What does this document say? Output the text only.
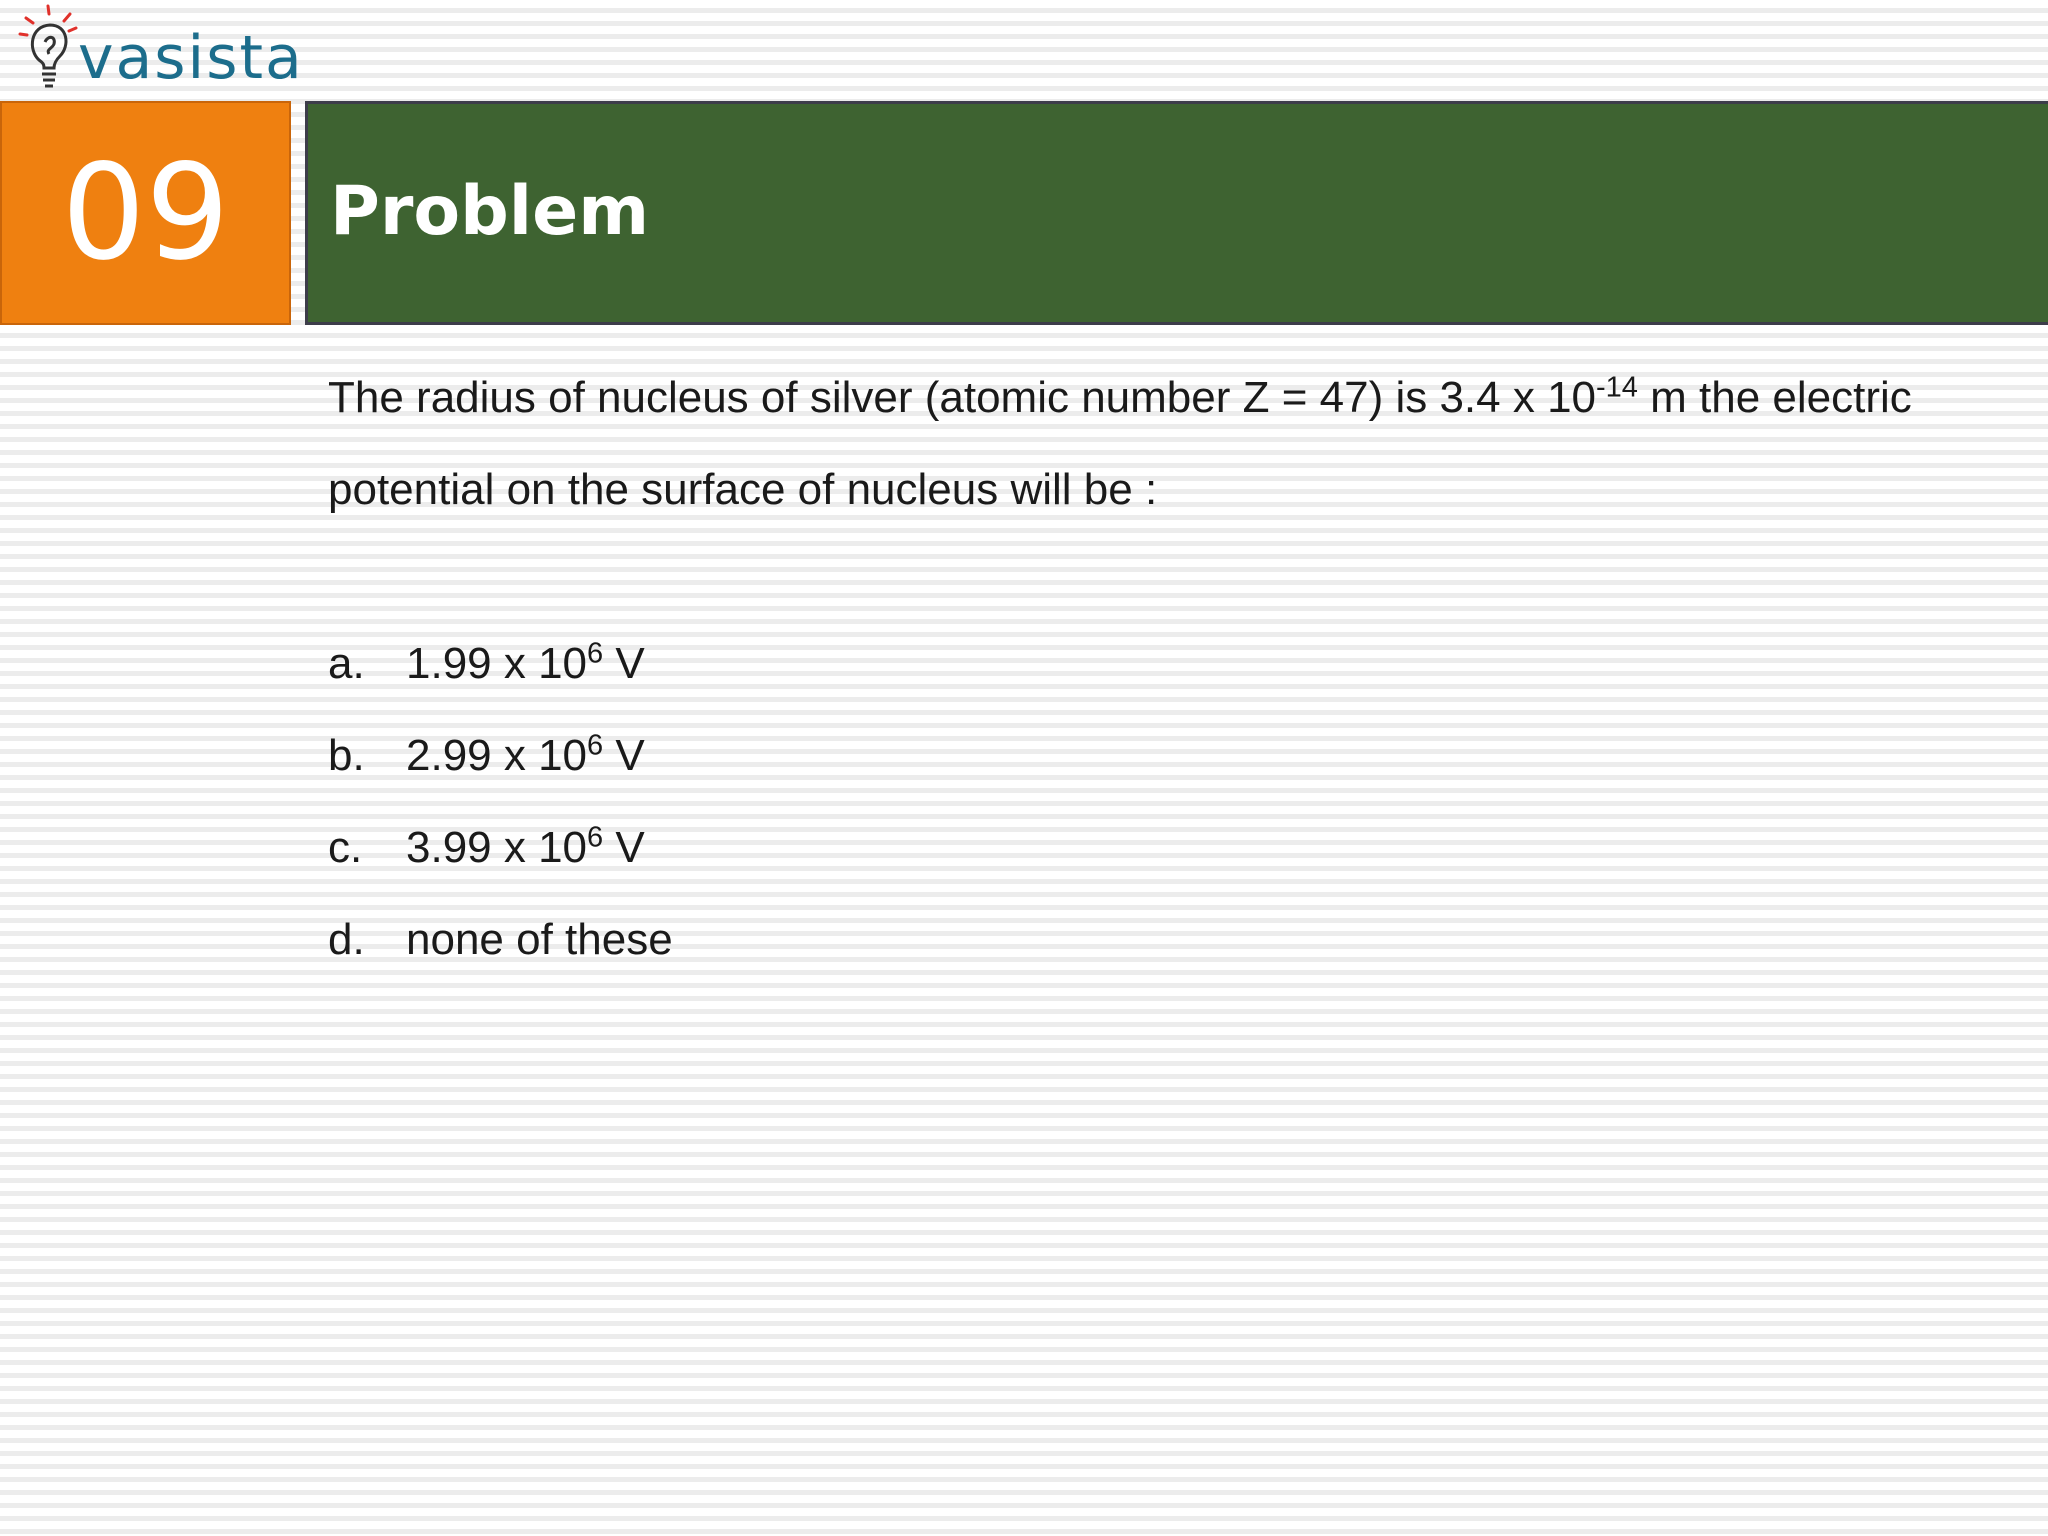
vasista
09 Problem
The radius of nucleus of silver (atomic number Z = 47) is 3.4 x $10^{-14}$ m the electric potential on the surface of nucleus will be :
a. 1.99 x $10^6$ V
b. 2.99 x $10^6$ V
c. 3.99 x $10^6$ V
d. none of these
